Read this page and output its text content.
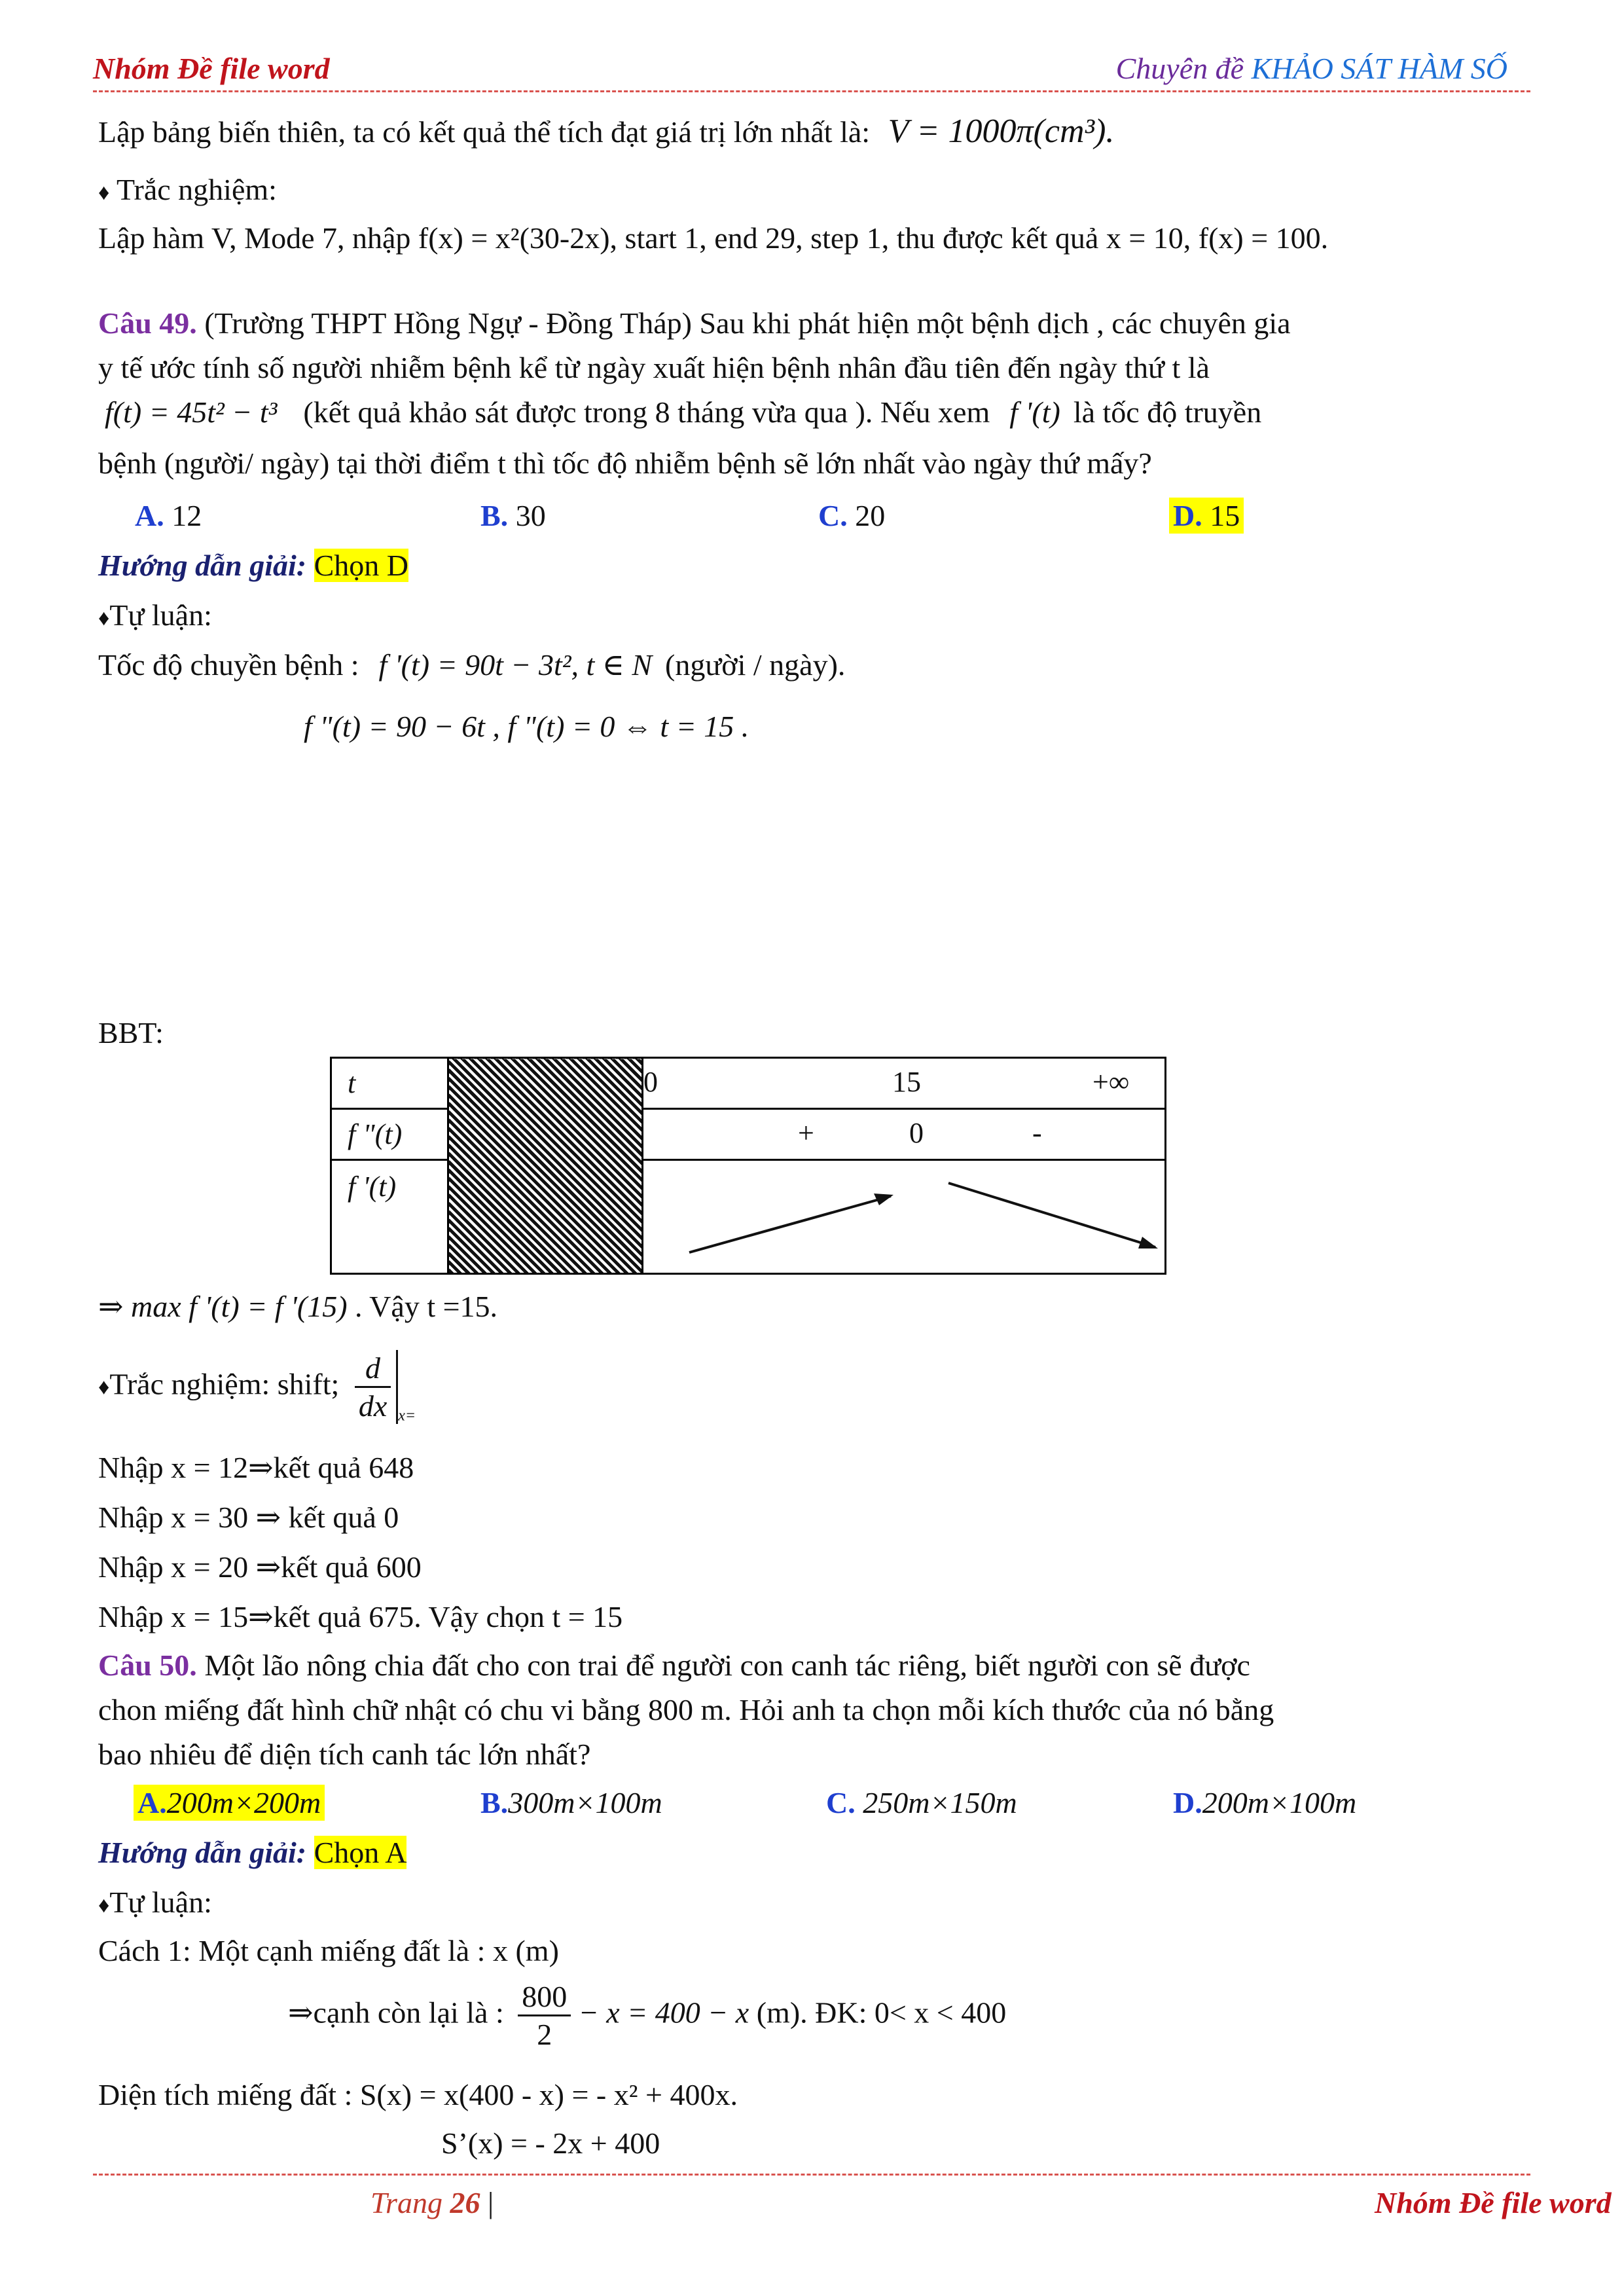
Nhóm Đề file word	Chuyên đề KHẢO SÁT HÀM SỐ
Lập bảng biến thiên, ta có kết quả thể tích đạt giá trị lớn nhất là: V = 1000π(cm³).
♦ Trắc nghiệm:
Lập hàm V, Mode 7, nhập f(x) = x²(30-2x), start 1, end 29, step 1, thu được kết quả x = 10, f(x) = 100.
Câu 49. (Trường THPT Hồng Ngự - Đồng Tháp) Sau khi phát hiện một bệnh dịch , các chuyên gia
y tế ước tính số người nhiễm bệnh kể từ ngày xuất hiện bệnh nhân đầu tiên đến ngày thứ t là
f(t) = 45t² − t³ (kết quả khảo sát được trong 8 tháng vừa qua ). Nếu xem f '(t) là tốc độ truyền
bệnh (người/ ngày) tại thời điểm t thì tốc độ nhiễm bệnh sẽ lớn nhất vào ngày thứ mấy?
A. 12	B. 30	C. 20	D. 15
Hướng dẫn giải: Chọn D
♦Tự luận:
Tốc độ chuyền bệnh : f '(t) = 90t − 3t², t ∈ N (người / ngày).
f "(t) = 90 − 6t , f "(t) = 0 ⇔ t = 15 .
BBT:
t		0 15 +∞

f "(t)		+ 0 -

f '(t)	
⇒ max f '(t) = f '(15) . Vậy t =15.
♦Trắc nghiệm: shift; $\frac{d}{dx} _{x=}$
Nhập x = 12⇒kết quả 648
Nhập x = 30 ⇒ kết quả 0
Nhập x = 20 ⇒kết quả 600
Nhập x = 15⇒kết quả 675. Vậy chọn t = 15
Câu 50. Một lão nông chia đất cho con trai để người con canh tác riêng, biết người con sẽ được
chon miếng đất hình chữ nhật có chu vi bằng 800 m. Hỏi anh ta chọn mỗi kích thước của nó bằng
bao nhiêu để diện tích canh tác lớn nhất?
A.200m×200m	B.300m×100m	C. 250m×150m	D.200m×100m
Hướng dẫn giải: Chọn A
♦Tự luận:
Cách 1: Một cạnh miếng đất là : x (m)
⇒cạnh còn lại là : $\frac{800}{2} - x = 400 - x$ (m). ĐK: 0< x < 400
Diện tích miếng đất : S(x) = x(400 - x) = - x² + 400x.
S’(x) = - 2x + 400
Trang 26 |	Nhóm Đề file word
